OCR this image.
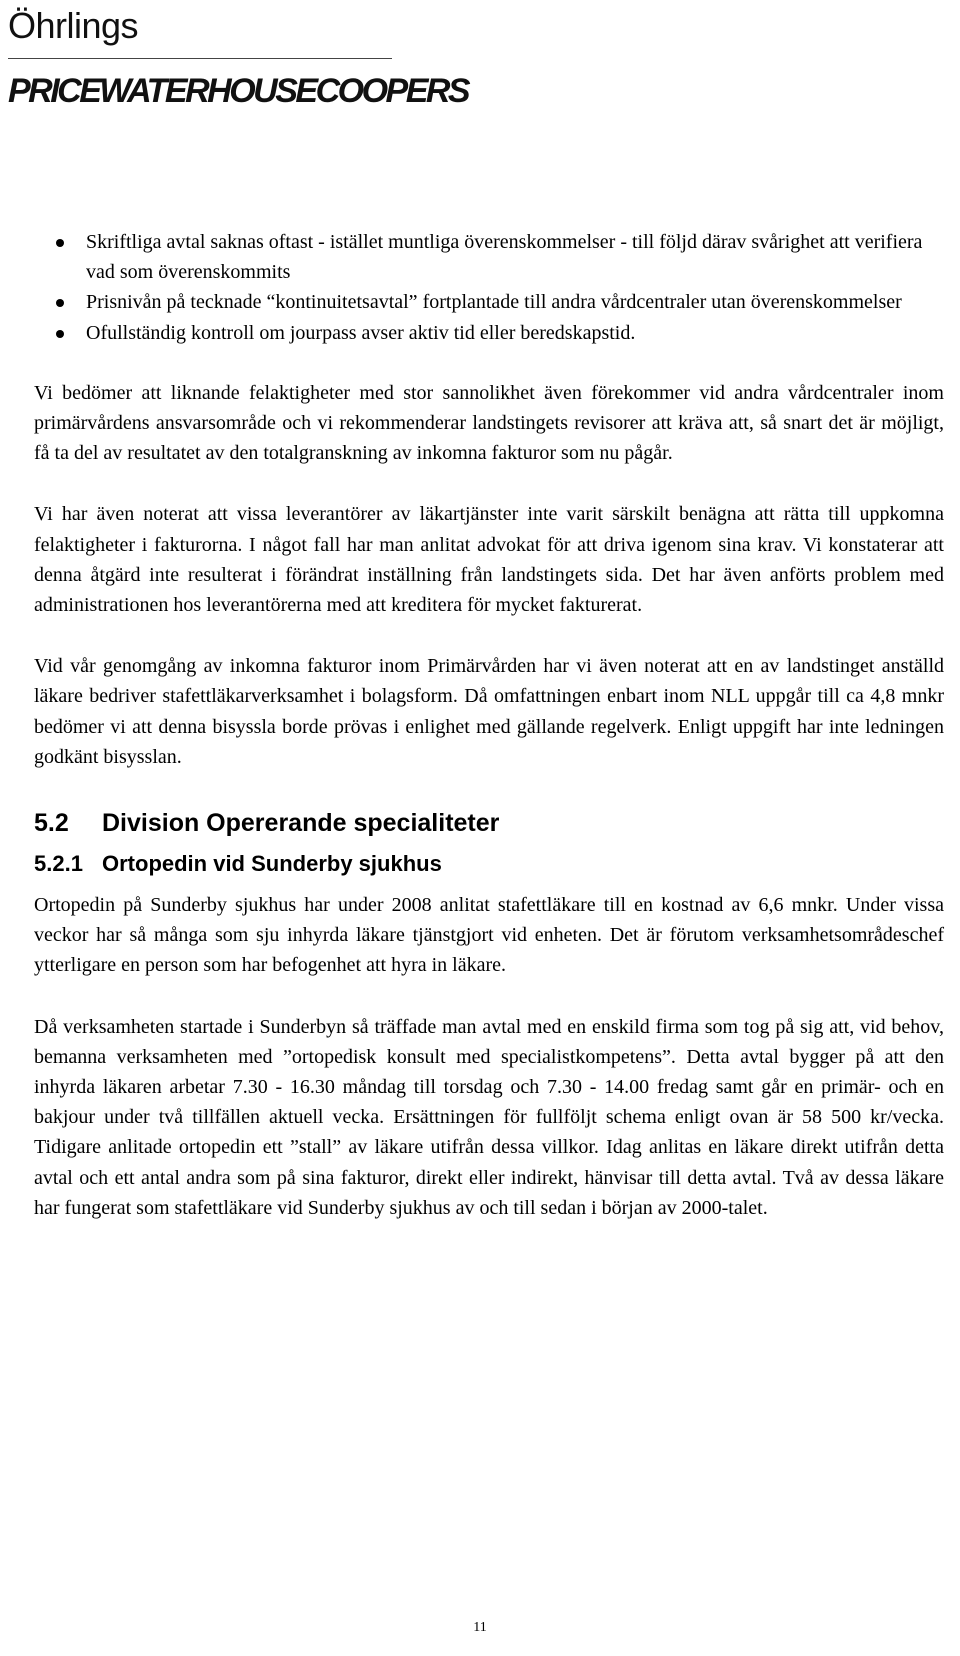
Öhrlings
PRICEWATERHOUSECOOPERS
Skriftliga avtal saknas oftast - istället muntliga överenskommelser - till följd därav svårighet att verifiera vad som överenskommits
Prisnivån på tecknade “kontinuitetsavtal” fortplantade till andra vårdcentraler utan överenskommelser
Ofullständig kontroll om jourpass avser aktiv tid eller beredskapstid.

Vi bedömer att liknande felaktigheter med stor sannolikhet även förekommer vid andra vårdcentraler inom primärvårdens ansvarsområde och vi rekommenderar landstingets revisorer att kräva att, så snart det är möjligt, få ta del av resultatet av den totalgranskning av inkomna fakturor som nu pågår.

Vi har även noterat att vissa leverantörer av läkartjänster inte varit särskilt benägna att rätta till uppkomna felaktigheter i fakturorna. I något fall har man anlitat advokat för att driva igenom sina krav. Vi konstaterar att denna åtgärd inte resulterat i förändrat inställning från landstingets sida. Det har även anförts problem med administrationen hos leverantörerna med att kreditera för mycket fakturerat.

Vid vår genomgång av inkomna fakturor inom Primärvården har vi även noterat att en av landstinget anställd läkare bedriver stafettläkarverksamhet i bolagsform. Då omfattningen enbart inom NLL uppgår till ca 4,8 mnkr bedömer vi att denna bisyssla borde prövas i enlighet med gällande regelverk. Enligt uppgift har inte ledningen godkänt bisysslan.

5.2	Division Opererande specialiteter
5.2.1 Ortopedin vid Sunderby sjukhus

Ortopedin på Sunderby sjukhus har under 2008 anlitat stafettläkare till en kostnad av 6,6 mnkr. Under vissa veckor har så många som sju inhyrda läkare tjänstgjort vid enheten. Det är förutom verksamhetsområdeschef ytterligare en person som har befogenhet att hyra in läkare.

Då verksamheten startade i Sunderbyn så träffade man avtal med en enskild firma som tog på sig att, vid behov, bemanna verksamheten med ”ortopedisk konsult med specialistkompetens”. Detta avtal bygger på att den inhyrda läkaren arbetar 7.30 - 16.30 måndag till torsdag och 7.30 - 14.00 fredag samt går en primär- och en bakjour under två tillfällen aktuell vecka. Ersättningen för fullföljt schema enligt ovan är 58 500 kr/vecka. Tidigare anlitade ortopedin ett ”stall” av läkare utifrån dessa villkor. Idag anlitas en läkare direkt utifrån detta avtal och ett antal andra som på sina fakturor, direkt eller indirekt, hänvisar till detta avtal. Två av dessa läkare har fungerat som stafettläkare vid Sunderby sjukhus av och till sedan i början av 2000-talet.

11
